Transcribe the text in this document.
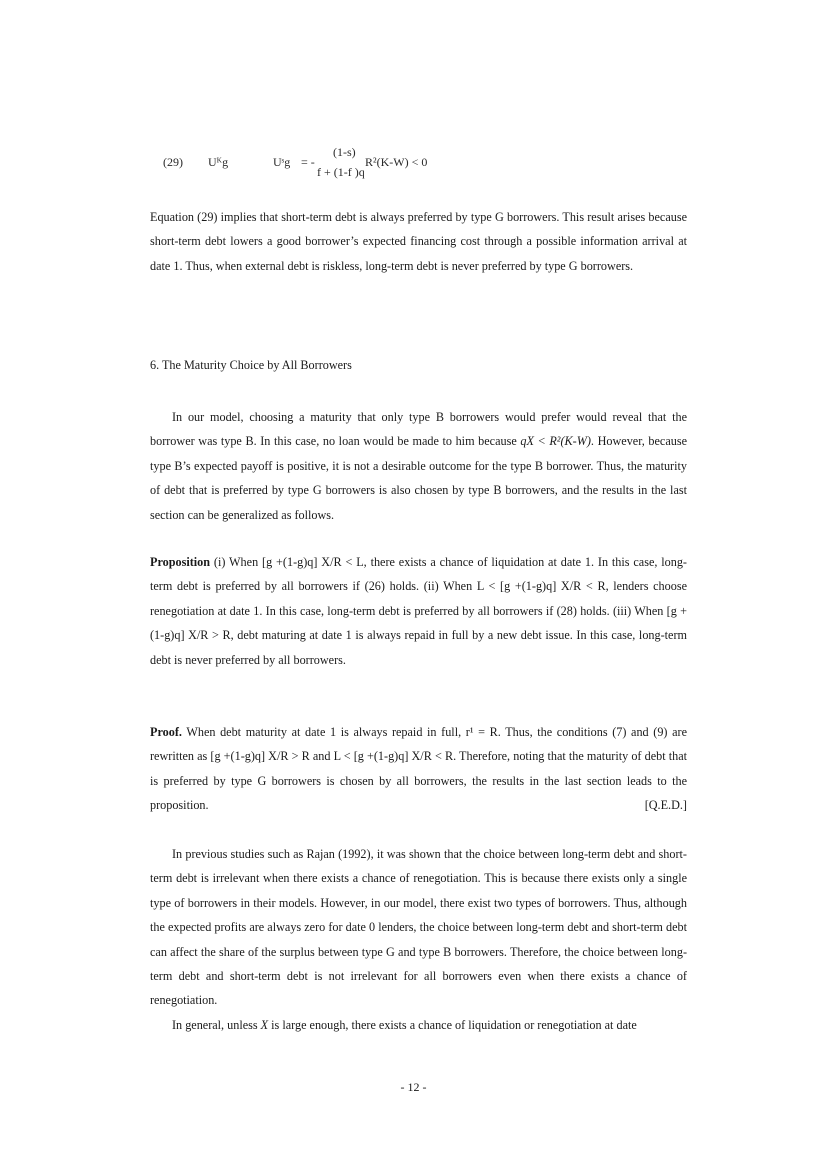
(29) Uᴷg	Uˢg = -
(1-s)
f + (1-f )q
R²(K-W) < 0

Equation (29) implies that short-term debt is always preferred by type G borrowers. This result arises because short-term debt lowers a good borrower’s expected financing cost through a possible information arrival at date 1. Thus, when external debt is riskless, long-term debt is never preferred by type G borrowers.

6. The Maturity Choice by All Borrowers

In our model, choosing a maturity that only type B borrowers would prefer would reveal that the borrower was type B. In this case, no loan would be made to him because qX < R²(K-W). However, because type B’s expected payoff is positive, it is not a desirable outcome for the type B borrower. Thus, the maturity of debt that is preferred by type G borrowers is also chosen by type B borrowers, and the results in the last section can be generalized as follows.

Proposition (i) When [g +(1-g)q] X/R < L, there exists a chance of liquidation at date 1. In this case, long-term debt is preferred by all borrowers if (26) holds. (ii) When L < [g +(1-g)q] X/R < R, lenders choose renegotiation at date 1. In this case, long-term debt is preferred by all borrowers if (28) holds. (iii) When [g +(1-g)q] X/R > R, debt maturing at date 1 is always repaid in full by a new debt issue. In this case, long-term debt is never preferred by all borrowers.

Proof. When debt maturity at date 1 is always repaid in full, r¹ = R. Thus, the conditions (7) and (9) are rewritten as [g +(1-g)q] X/R > R and L < [g +(1-g)q] X/R < R. Therefore, noting that the maturity of debt that is preferred by type G borrowers is chosen by all borrowers, the results in the last section leads to the proposition.	[Q.E.D.]

In previous studies such as Rajan (1992), it was shown that the choice between long-term debt and short-term debt is irrelevant when there exists a chance of renegotiation. This is because there exists only a single type of borrowers in their models. However, in our model, there exist two types of borrowers. Thus, although the expected profits are always zero for date 0 lenders, the choice between long-term debt and short-term debt can affect the share of the surplus between type G and type B borrowers. Therefore, the choice between long-term debt and short-term debt is not irrelevant for all borrowers even when there exists a chance of renegotiation.

In general, unless X is large enough, there exists a chance of liquidation or renegotiation at date

- 12 -
